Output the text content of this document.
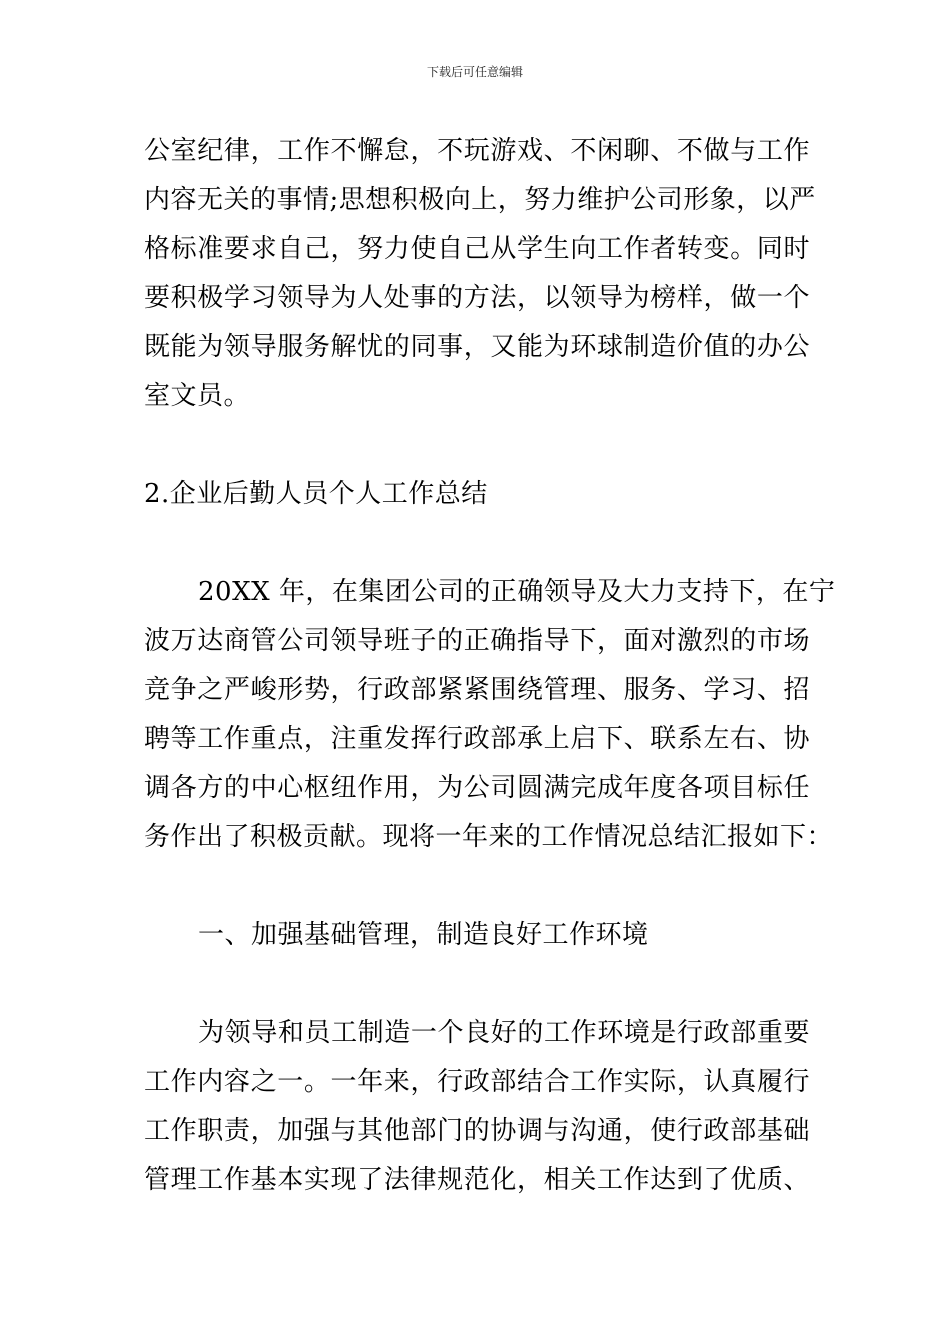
下载后可任意编辑
公室纪律，工作不懈怠，不玩游戏、不闲聊、不做与工作
内容无关的事情;思想积极向上，努力维护公司形象，以严
格标准要求自己，努力使自己从学生向工作者转变。同时
要积极学习领导为人处事的方法，以领导为榜样，做一个
既能为领导服务解忧的同事，又能为环球制造价值的办公
室文员。
2.企业后勤人员个人工作总结
20XX 年，在集团公司的正确领导及大力支持下，在宁
波万达商管公司领导班子的正确指导下，面对激烈的市场
竞争之严峻形势，行政部紧紧围绕管理、服务、学习、招
聘等工作重点，注重发挥行政部承上启下、联系左右、协
调各方的中心枢纽作用，为公司圆满完成年度各项目标任
务作出了积极贡献。现将一年来的工作情况总结汇报如下：
一、加强基础管理，制造良好工作环境
为领导和员工制造一个良好的工作环境是行政部重要
工作内容之一。一年来，行政部结合工作实际，认真履行
工作职责，加强与其他部门的协调与沟通，使行政部基础
管理工作基本实现了法律规范化，相关工作达到了优质、
